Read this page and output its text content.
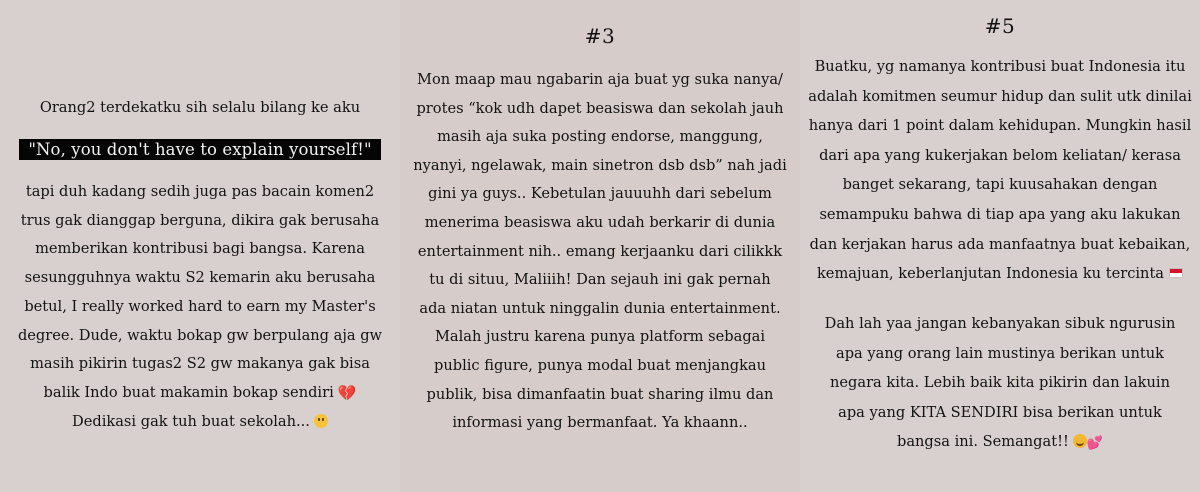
Orang2 terdekatku sih selalu bilang ke aku

"No, you don't have to explain yourself!"

tapi duh kadang sedih juga pas bacain komen2
trus gak dianggap berguna, dikira gak berusaha
memberikan kontribusi bagi bangsa. Karena
sesungguhnya waktu S2 kemarin aku berusaha
betul, I really worked hard to earn my Master's
degree. Dude, waktu bokap gw berpulang aja gw
masih pikirin tugas2 S2 gw makanya gak bisa
balik Indo buat makamin bokap sendiri 💔
Dedikasi gak tuh buat sekolah...

#3

Mon maap mau ngabarin aja buat yg suka nanya/
protes “kok udh dapet beasiswa dan sekolah jauh
masih aja suka posting endorse, manggung,
nyanyi, ngelawak, main sinetron dsb dsb” nah jadi
gini ya guys.. Kebetulan jauuuhh dari sebelum
menerima beasiswa aku udah berkarir di dunia
entertainment nih.. emang kerjaanku dari cilikkk
tu di situu, Maliiih! Dan sejauh ini gak pernah
ada niatan untuk ninggalin dunia entertainment.
Malah justru karena punya platform sebagai
public figure, punya modal buat menjangkau
publik, bisa dimanfaatin buat sharing ilmu dan
informasi yang bermanfaat. Ya khaann..

#5

Buatku, yg namanya kontribusi buat Indonesia itu
adalah komitmen seumur hidup dan sulit utk dinilai
hanya dari 1 point dalam kehidupan. Mungkin hasil
dari apa yang kukerjakan belom keliatan/ kerasa
banget sekarang, tapi kuusahakan dengan
semampuku bahwa di tiap apa yang aku lakukan
dan kerjakan harus ada manfaatnya buat kebaikan,
kemajuan, keberlanjutan Indonesia ku tercinta

Dah lah yaa jangan kebanyakan sibuk ngurusin
apa yang orang lain mustinya berikan untuk
negara kita. Lebih baik kita pikirin dan lakuin
apa yang KITA SENDIRI bisa berikan untuk
bangsa ini. Semangat!! 💕
